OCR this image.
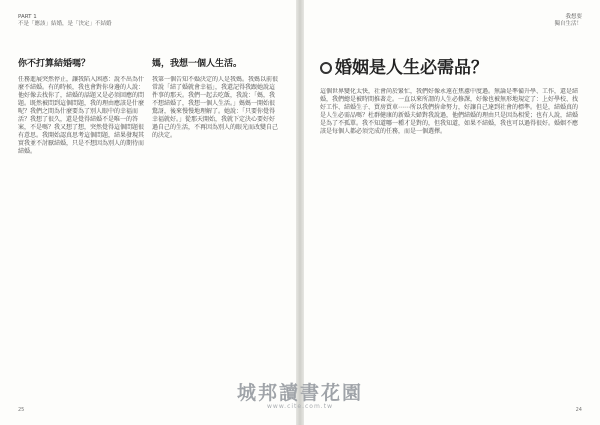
PART 1
不是「應該」結婚，是「決定」不結婚
你不打算結婚嗎？

任務進展突然停止，讓我陷入困惑：說不出為什麼不結婚。有的時候，我也會對你身邊的人說：他好像去找你了，結婚的話題又是必須回應的問題。既然被問到這個問題，我的理由應該是什麼呢？我們之間為什麼要為了別人眼中的幸福而活？我想了很久，還是覺得結婚不是唯一的答案，不是嗎？我又想了想，突然覺得這個問題很有意思。我開始認真思考這個問題，結果發現其實我並不討厭結婚，只是不想因為別人的期待而結婚。

媽，我想一個人生活。

我第一個告知不婚決定的人是我媽。我媽以前很常說「結了婚就會幸福」，我還記得我跟她說這件事的那天。我們一起去吃飯，我說：「媽，我不想結婚了，我想一個人生活。」媽媽一開始很驚訝，後來慢慢地理解了。她說：「只要你覺得幸福就好。」從那天開始，我就下定決心要好好過自己的生活，不再因為別人的眼光而改變自己的決定。

25
我想要
獨自生活！
婚姻是人生必需品？

這個世界變化太快，社會尚於緊忙，我們好像永遠在焦慮中度過。無論是準備升學、工作，還是結婚，我們總是被時間推著走。一直以來所謂的人生必修課，好像也被無形地規定了：上好學校、找好工作、結婚生子、買房買車⋯⋯所以我們拚命努力，好讓自己達到社會的標準。但是，結婚真的是人生必需品嗎？杜群健康的新婚夫婦對我說過，他們結婚的理由只是因為相愛；也有人說，結婚是為了不孤單。我不知道哪一種才是對的，但我知道，如果不結婚，我也可以過得很好。婚姻不應該是每個人都必須完成的任務，而是一個選擇。

24
城邦讀書花園
www.cite.com.tw
